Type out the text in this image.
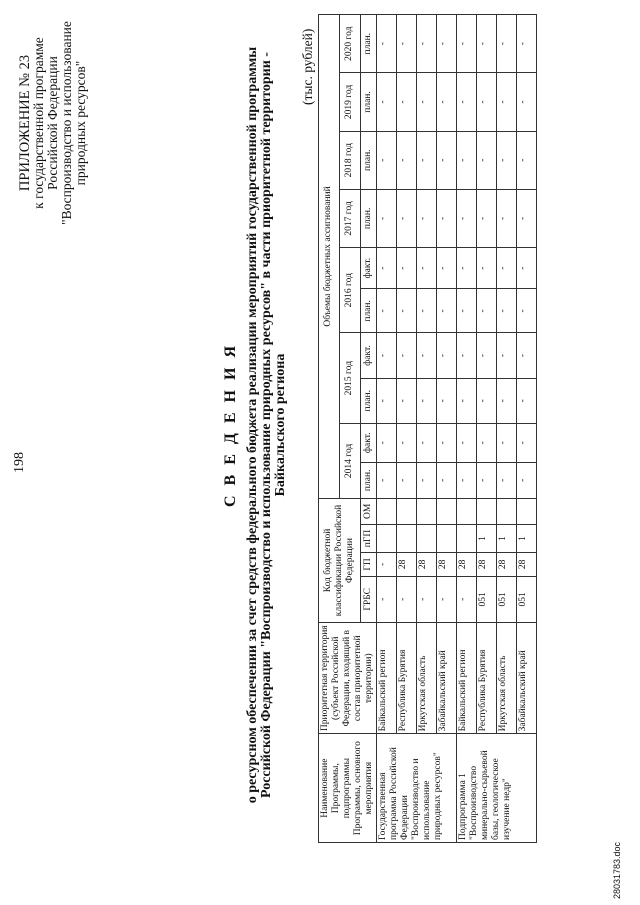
198
28031783.doc
ПРИЛОЖЕНИЕ № 23
к государственной программе Российской Федерации "Воспроизводство и использование природных ресурсов"
С В Е Д Е Н И Я о ресурсном обеспечении за счет средств федерального бюджета реализации мероприятий государственной программы Российской Федерации "Воспроизводство и использование природных ресурсов" в части приоритетной территории - Байкальского региона
(тыс. рублей)
Наименование Программы, подпрограммы Программы, основного мероприятия	Приоритетная территория (субъект Российской Федерации, входящий в состав приоритетной территории)	Код бюджетной классификации Российской Федерации				Объемы бюджетных ассигнований									
						2014 год		2015 год		2016 год		2017 год	2018 год	2019 год	2020 год
		ГРБС	ГП	пГП	ОМ	план.	факт.	план.	факт.	план.	факт.	план.	план.	план.	план.
Государственная программа Российской Федерации "Воспроизводство и использование природных ресурсов"	Байкальский регион	-	-			-	-	-	-	-	-	-	-	-	-
	Республика Бурятия	-	28			-	-	-	-	-	-	-	-	-	-
	Иркутская область	-	28			-	-	-	-	-	-	-	-	-	-
	Забайкальский край	-	28			-	-	-	-	-	-	-	-	-	-
Подпрограмма 1 "Воспроизводство минерально-сырьевой базы, геологическое изучение недр"	Байкальский регион	-	28			-	-	-	-	-	-	-	-	-	-
	Республика Бурятия	051	28	1		-	-	-	-	-	-	-	-	-	-
	Иркутская область	051	28	1		-	-	-	-	-	-	-	-	-	-
	Забайкальский край	051	28	1		-	-	-	-	-	-	-	-	-	-
